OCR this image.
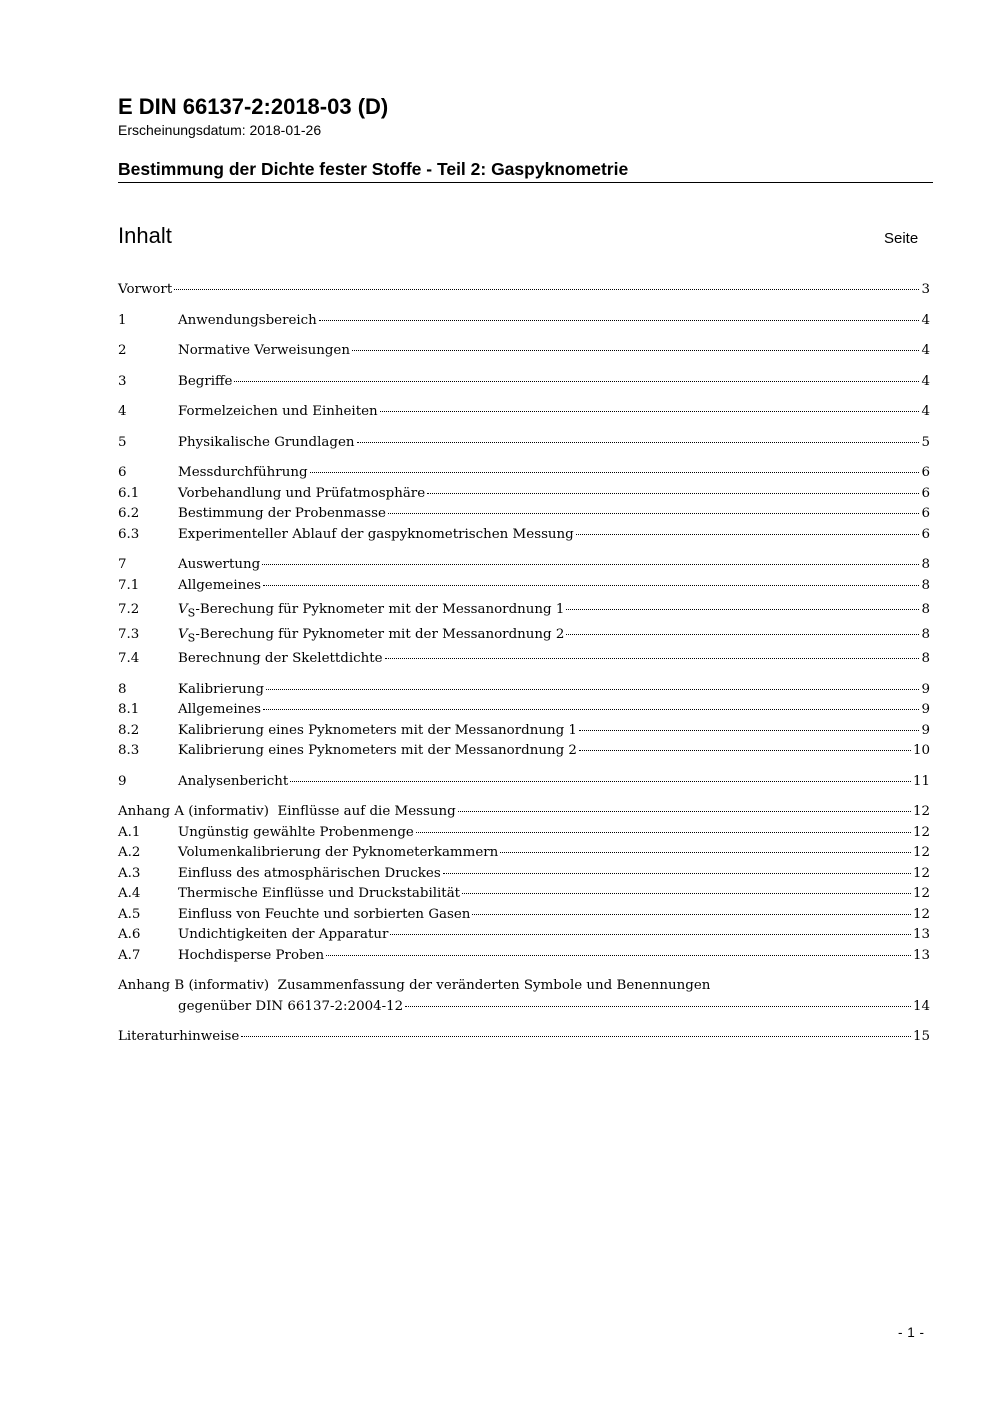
E DIN 66137-2:2018-03 (D)

Erscheinungsdatum: 2018-01-26

Bestimmung der Dichte fester Stoffe - Teil 2: Gaspyknometrie
Inhalt	Seite
Vorwort	3
1	Anwendungsbereich	4
2	Normative Verweisungen	4
3	Begriffe	4
4	Formelzeichen und Einheiten	4
5	Physikalische Grundlagen	5
6	Messdurchführung	6
6.1	Vorbehandlung und Prüfatmosphäre	6
6.2	Bestimmung der Probenmasse	6
6.3	Experimenteller Ablauf der gaspyknometrischen Messung	6
7	Auswertung	8
7.1	Allgemeines	8
7.2	$V_S$-Berechung für Pyknometer mit der Messanordnung 1	8
7.3	$V_S$-Berechung für Pyknometer mit der Messanordnung 2	8
7.4	Berechnung der Skelettdichte	8
8	Kalibrierung	9
8.1	Allgemeines	9
8.2	Kalibrierung eines Pyknometers mit der Messanordnung 1	9
8.3	Kalibrierung eines Pyknometers mit der Messanordnung 2	10
9	Analysenbericht	11
Anhang A (informativ)  Einflüsse auf die Messung	12
A.1	Ungünstig gewählte Probenmenge	12
A.2	Volumenkalibrierung der Pyknometerkammern	12
A.3	Einfluss des atmosphärischen Druckes	12
A.4	Thermische Einflüsse und Druckstabilität	12
A.5	Einfluss von Feuchte und sorbierten Gasen	12
A.6	Undichtigkeiten der Apparatur	13
A.7	Hochdisperse Proben	13
Anhang B (informativ)  Zusammenfassung der veränderten Symbole und Benennungen
gegenüber DIN 66137-2:2004-12	14
Literaturhinweise	15
- 1 -
